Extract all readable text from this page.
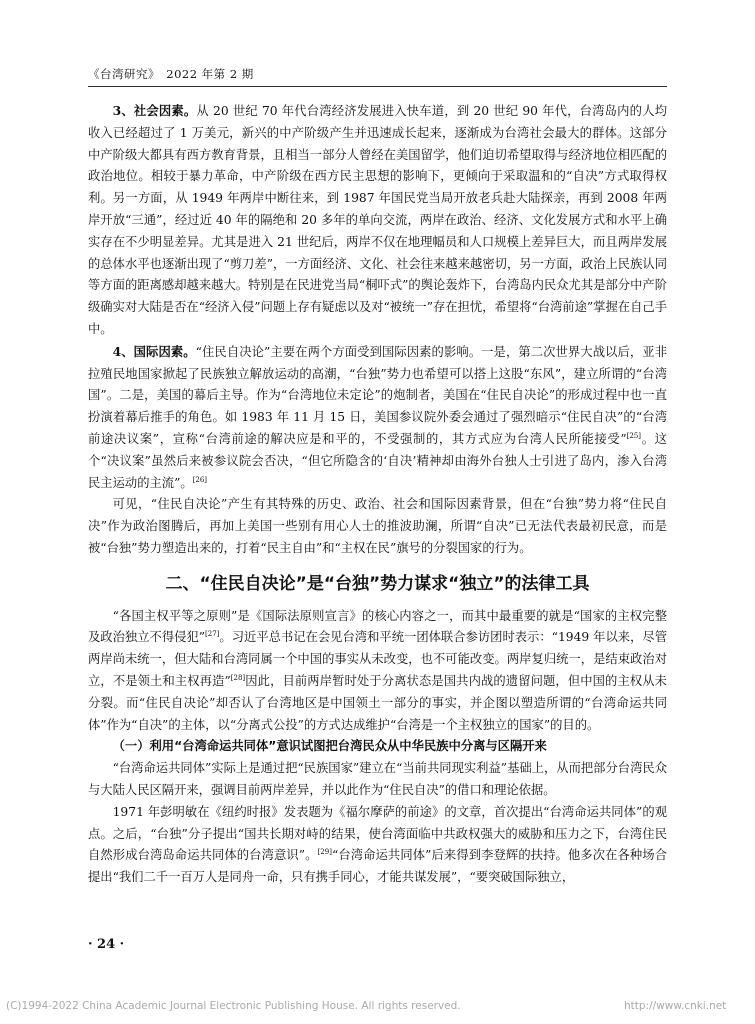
《台湾研究》　2022 年第 2 期

3、社会因素。从 20 世纪 70 年代台湾经济发展进入快车道，到 20 世纪 90 年代，台湾岛内的人均收入已经超过了 1 万美元，新兴的中产阶级产生并迅速成长起来，逐渐成为台湾社会最大的群体。这部分中产阶级大都具有西方教育背景，且相当一部分人曾经在美国留学，他们迫切希望取得与经济地位相匹配的政治地位。相较于暴力革命，中产阶级在西方民主思想的影响下，更倾向于采取温和的“自决”方式取得权利。另一方面，从 1949 年两岸中断往来，到 1987 年国民党当局开放老兵赴大陆探亲，再到 2008 年两岸开放“三通”，经过近 40 年的隔绝和 20 多年的单向交流，两岸在政治、经济、文化发展方式和水平上确实存在不少明显差异。尤其是进入 21 世纪后，两岸不仅在地理幅员和人口规模上差异巨大，而且两岸发展的总体水平也逐渐出现了“剪刀差”，一方面经济、文化、社会往来越来越密切，另一方面，政治上民族认同等方面的距离感却越来越大。特别是在民进党当局“桐吓式”的舆论轰炸下，台湾岛内民众尤其是部分中产阶级确实对大陆是否在“经济入侵”问题上存有疑虑以及对“被统一”存在担忧，希望将“台湾前途”掌握在自己手中。

4、国际因素。“住民自决论”主要在两个方面受到国际因素的影响。一是，第二次世界大战以后，亚非拉殖民地国家掀起了民族独立解放运动的高潮，“台独”势力也希望可以搭上这股“东风”，建立所谓的“台湾国”。二是，美国的幕后主导。作为“台湾地位未定论”的炮制者，美国在“住民自决论”的形成过程中也一直扮演着幕后推手的角色。如 1983 年 11 月 15 日，美国参议院外委会通过了强烈暗示“住民自决”的“台湾前途决议案”，宣称“台湾前途的解决应是和平的，不受强制的，其方式应为台湾人民所能接受”[25]。这个“决议案”虽然后来被参议院会否决，“但它所隐含的‘自决’精神却由海外台独人士引进了岛内，渗入台湾民主运动的主流”。[26]

可见，“住民自决论”产生有其特殊的历史、政治、社会和国际因素背景，但在“台独”势力将“住民自决”作为政治图腾后，再加上美国一些别有用心人士的推波助澜，所谓“自决”已无法代表最初民意，而是被“台独”势力塑造出来的，打着“民主自由”和“主权在民”旗号的分裂国家的行为。

二、“住民自决论”是“台独”势力谋求“独立”的法律工具

“各国主权平等之原则”是《国际法原则宣言》的核心内容之一，而其中最重要的就是“国家的主权完整及政治独立不得侵犯”[27]。习近平总书记在会见台湾和平统一团体联合参访团时表示：“1949 年以来，尽管两岸尚未统一，但大陆和台湾同属一个中国的事实从未改变，也不可能改变。两岸复归统一，是结束政治对立，不是领土和主权再造”[28]因此，目前两岸暂时处于分离状态是国共内战的遗留问题，但中国的主权从未分裂。而“住民自决论”却否认了台湾地区是中国领土一部分的事实，并企图以塑造所谓的“台湾命运共同体”作为“自决”的主体，以“分离式公投”的方式达成维护“台湾是一个主权独立的国家”的目的。

（一）利用“台湾命运共同体”意识试图把台湾民众从中华民族中分离与区隔开来

“台湾命运共同体”实际上是通过把“民族国家”建立在“当前共同现实利益”基础上，从而把部分台湾民众与大陆人民区隔开来，强调目前两岸差异，并以此作为“住民自决”的借口和理论依据。

1971 年彭明敏在《纽约时报》发表题为《福尔摩萨的前途》的文章，首次提出“台湾命运共同体”的观点。之后，“台独”分子提出“国共长期对峙的结果，使台湾面临中共政权强大的威胁和压力之下，台湾住民自然形成台湾岛命运共同体的台湾意识”。[29]“台湾命运共同体”后来得到李登辉的扶持。他多次在各种场合提出“我们二千一百万人是同舟一命，只有携手同心，才能共谋发展”，“要突破国际独立，

· 24 ·
(C)1994-2022 China Academic Journal Electronic Publishing House. All rights reserved.	http://www.cnki.net
